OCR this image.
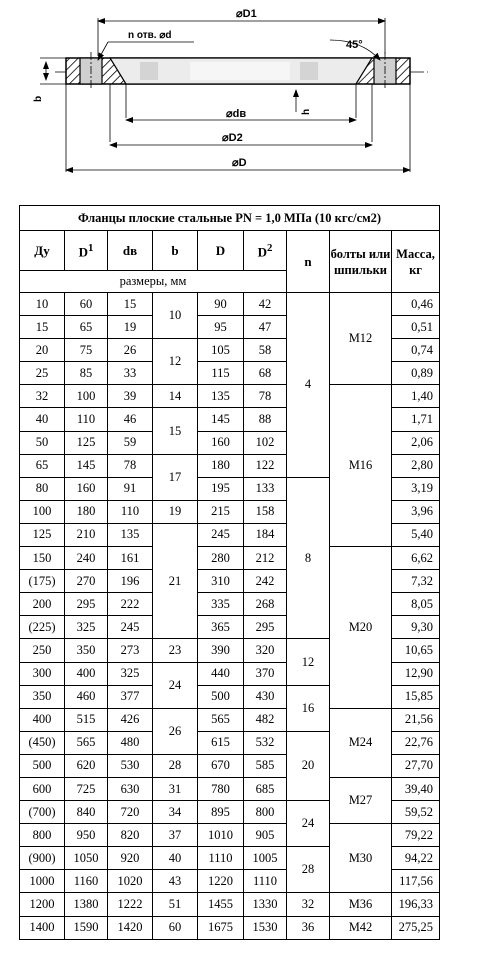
⌀D1
n отв. ⌀d
45°
b
h
⌀dв
⌀D2
⌀D
Фланцы плоские стальные PN = 1,0 МПа (10 кгс/см2)								
Ду	$D^1$	dв	b	D	$D^2$	n	болты или шпильки	Масса, кг
размеры, мм								
10	60	15	10	90	42	4	M12	0,46
15	65	19		95	47			0,51
20	75	26	12	105	58			0,74
25	85	33		115	68			0,89
32	100	39	14	135	78		M16	1,40
40	110	46	15	145	88			1,71
50	125	59		160	102			2,06
65	145	78	17	180	122			2,80
80	160	91		195	133	8		3,19
100	180	110	19	215	158			3,96
125	210	135	21	245	184			5,40
150	240	161		280	212		M20	6,62
(175)	270	196		310	242			7,32
200	295	222		335	268			8,05
(225)	325	245		365	295			9,30
250	350	273	23	390	320	12		10,65
300	400	325	24	440	370			12,90
350	460	377		500	430	16		15,85
400	515	426	26	565	482		M24	21,56
(450)	565	480		615	532	20		22,76
500	620	530	28	670	585			27,70
600	725	630	31	780	685		M27	39,40
(700)	840	720	34	895	800	24		59,52
800	950	820	37	1010	905		M30	79,22
(900)	1050	920	40	1110	1005	28		94,22
1000	1160	1020	43	1220	1110			117,56
1200	1380	1222	51	1455	1330	32	M36	196,33
1400	1590	1420	60	1675	1530	36	M42	275,25
